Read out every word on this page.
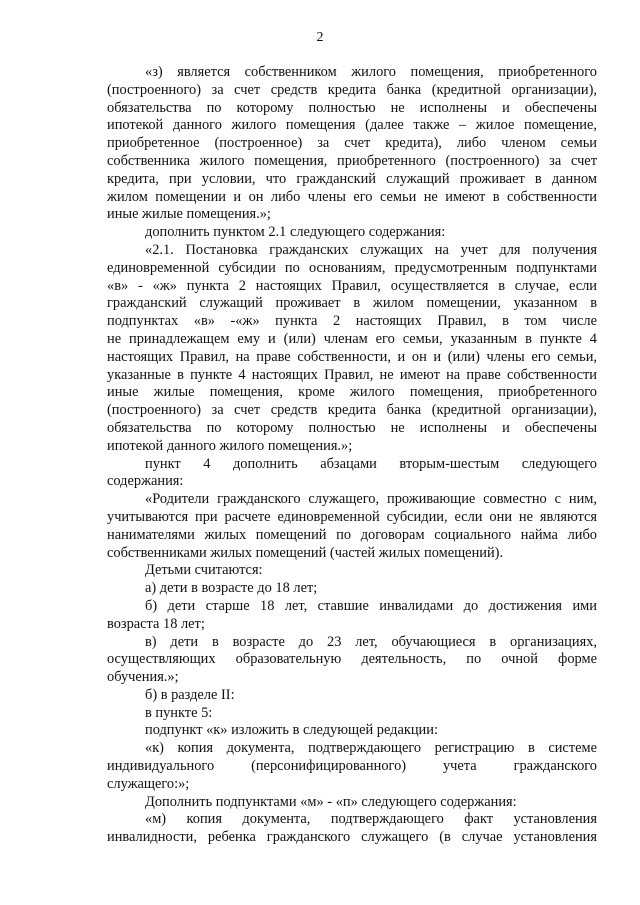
2
«з) является собственником жилого помещения, приобретенного
(построенного) за счет средств кредита банка (кредитной организации),
обязательства по которому полностью не исполнены и обеспечены
ипотекой данного жилого помещения (далее также – жилое помещение,
приобретенное (построенное) за счет кредита), либо членом семьи
собственника жилого помещения, приобретенного (построенного) за счет
кредита, при условии, что гражданский служащий проживает в данном
жилом помещении и он либо члены его семьи не имеют в собственности
иные жилые помещения.»;
дополнить пунктом 2.1 следующего содержания:
«2.1. Постановка гражданских служащих на учет для получения
единовременной субсидии по основаниям, предусмотренным подпунктами
«в» - «ж» пункта 2 настоящих Правил, осуществляется в случае, если
гражданский служащий проживает в жилом помещении, указанном в
подпунктах «в» -«ж» пункта 2 настоящих Правил, в том числе
не принадлежащем ему и (или) членам его семьи, указанным в пункте 4
настоящих Правил, на праве собственности, и он и (или) члены его семьи,
указанные в пункте 4 настоящих Правил, не имеют на праве собственности
иные жилые помещения, кроме жилого помещения, приобретенного
(построенного) за счет средств кредита банка (кредитной организации),
обязательства по которому полностью не исполнены и обеспечены
ипотекой данного жилого помещения.»;
пункт 4 дополнить абзацами вторым-шестым следующего
содержания:
«Родители гражданского служащего, проживающие совместно с ним,
учитываются при расчете единовременной субсидии, если они не являются
нанимателями жилых помещений по договорам социального найма либо
собственниками жилых помещений (частей жилых помещений).
Детьми считаются:
а) дети в возрасте до 18 лет;
б) дети старше 18 лет, ставшие инвалидами до достижения ими
возраста 18 лет;
в) дети в возрасте до 23 лет, обучающиеся в организациях,
осуществляющих образовательную деятельность, по очной форме
обучения.»;
б) в разделе II:
в пункте 5:
подпункт «к» изложить в следующей редакции:
«к) копия документа, подтверждающего регистрацию в системе
индивидуального (персонифицированного) учета гражданского
служащего:»;
Дополнить подпунктами «м» - «п» следующего содержания:
«м) копия документа, подтверждающего факт установления
инвалидности, ребенка гражданского служащего (в случае установления
